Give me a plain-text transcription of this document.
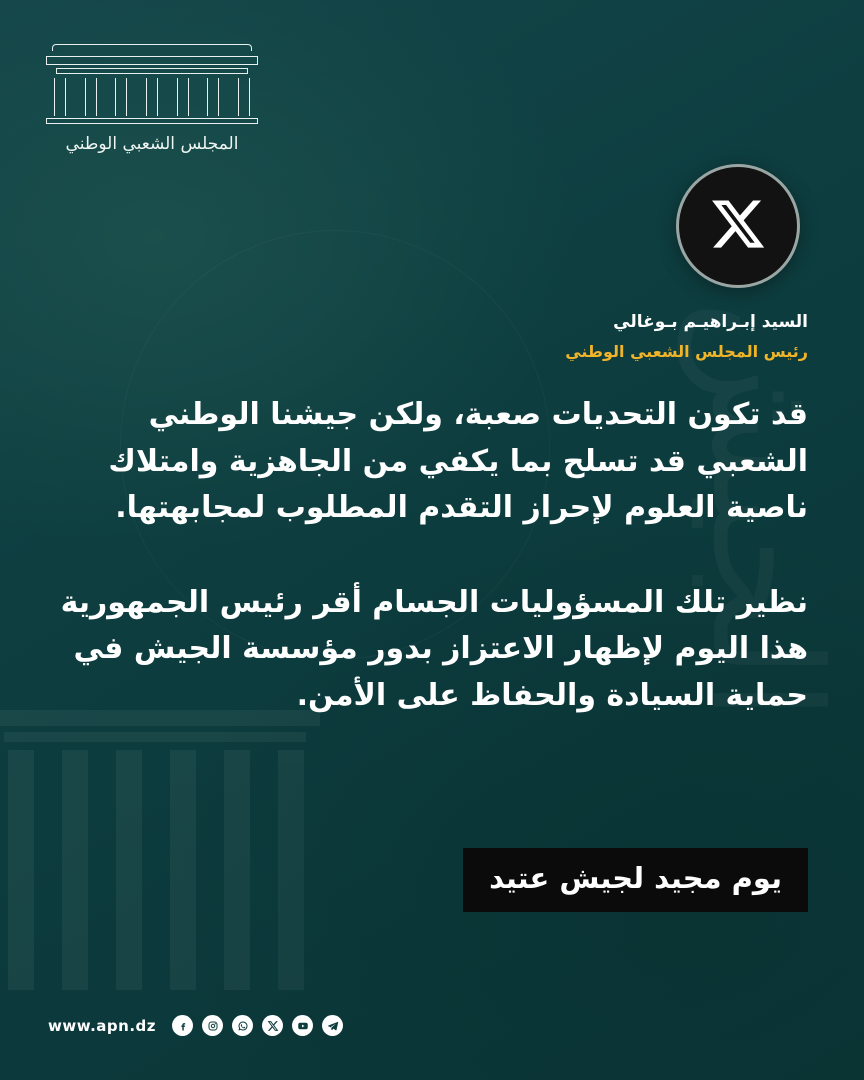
المجلس الشعبي الوطني
السيد إبـراهيـم بـوغالي
رئيس المجلس الشعبي الوطني

قد تكون التحديات صعبة، ولكن جيشنا الوطني الشعبي قد تسلح بما يكفي من الجاهزية وامتلاك ناصية العلوم لإحراز التقدم المطلوب لمجابهتها.

نظير تلك المسؤوليات الجسام أقر رئيس الجمهورية هذا اليوم لإظهار الاعتزاز بدور مؤسسة الجيش في حماية السيادة والحفاظ على الأمن.

يوم مجيد لجيش عتيد
www.apn.dz
